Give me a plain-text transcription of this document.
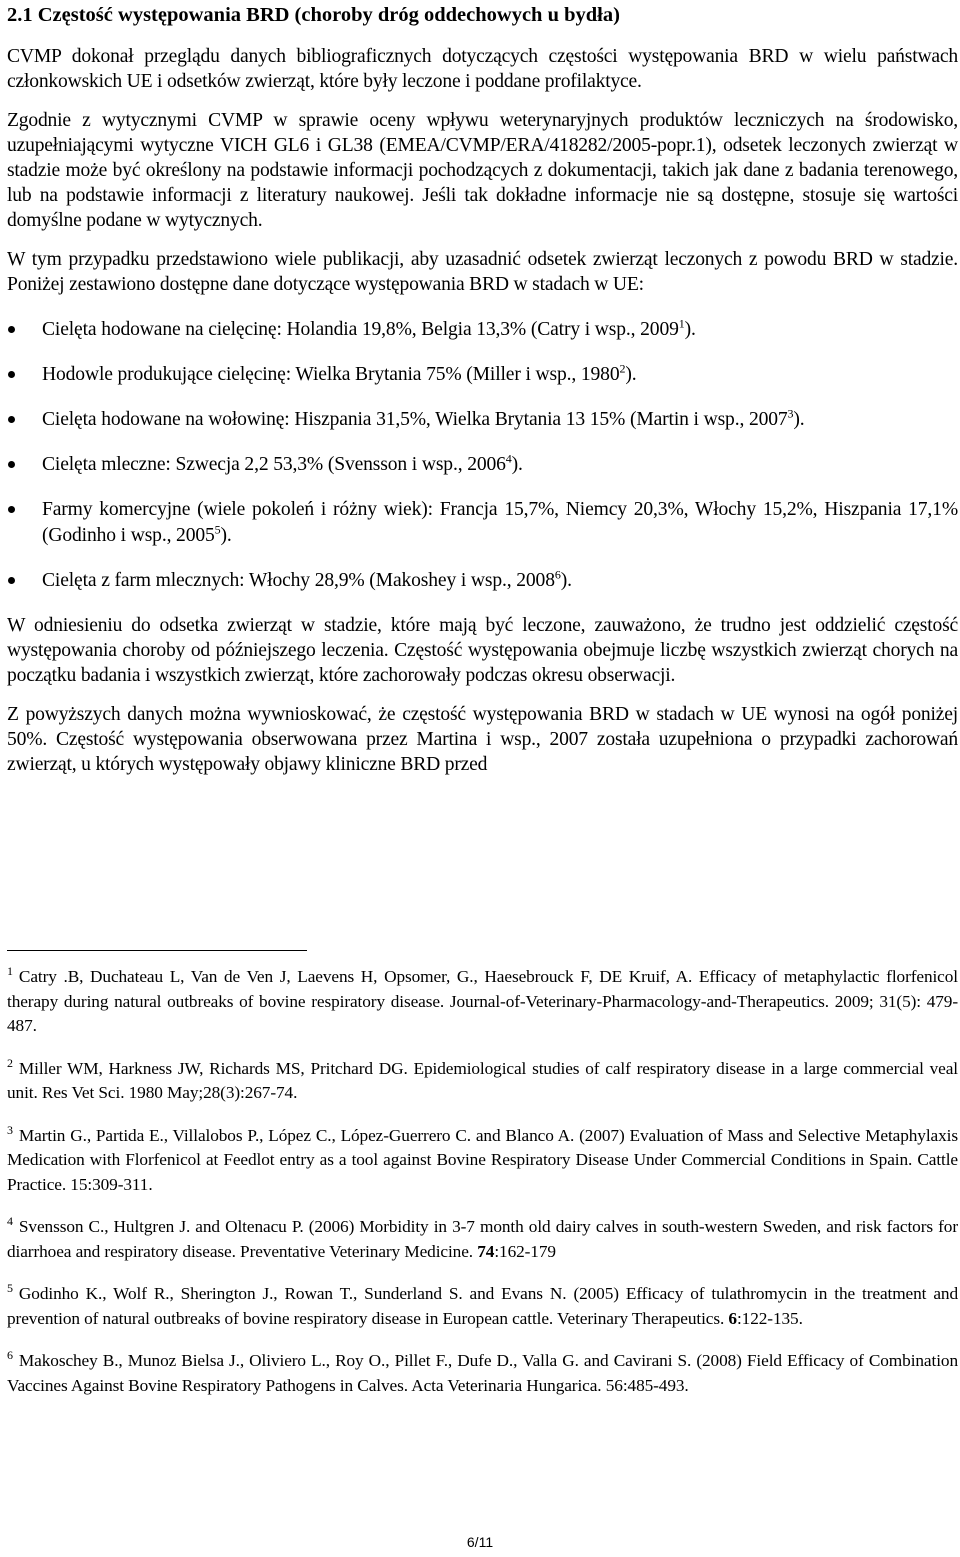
2.1 Częstość występowania BRD (choroby dróg oddechowych u bydła)

CVMP dokonał przeglądu danych bibliograficznych dotyczących częstości występowania BRD w wielu państwach członkowskich UE i odsetków zwierząt, które były leczone i poddane profilaktyce.

Zgodnie z wytycznymi CVMP w sprawie oceny wpływu weterynaryjnych produktów leczniczych na środowisko, uzupełniającymi wytyczne VICH GL6 i GL38 (EMEA/CVMP/ERA/418282/2005-popr.1), odsetek leczonych zwierząt w stadzie może być określony na podstawie informacji pochodzących z dokumentacji, takich jak dane z badania terenowego, lub na podstawie informacji z literatury naukowej. Jeśli tak dokładne informacje nie są dostępne, stosuje się wartości domyślne podane w wytycznych.

W tym przypadku przedstawiono wiele publikacji, aby uzasadnić odsetek zwierząt leczonych z powodu BRD w stadzie. Poniżej zestawiono dostępne dane dotyczące występowania BRD w stadach w UE:

Cielęta hodowane na cielęcinę: Holandia 19,8%, Belgia 13,3% (Catry i wsp., 2009$^1$).
Hodowle produkujące cielęcinę: Wielka Brytania 75% (Miller i wsp., 1980$^2$).
Cielęta hodowane na wołowinę: Hiszpania 31,5%, Wielka Brytania 13 15% (Martin i wsp., 2007$^3$).
Cielęta mleczne: Szwecja 2,2 53,3% (Svensson i wsp., 2006$^4$).
Farmy komercyjne (wiele pokoleń i różny wiek): Francja 15,7%, Niemcy 20,3%, Włochy 15,2%, Hiszpania 17,1% (Godinho i wsp., 2005$^5$).
Cielęta z farm mlecznych: Włochy 28,9% (Makoshey i wsp., 2008$^6$).

W odniesieniu do odsetka zwierząt w stadzie, które mają być leczone, zauważono, że trudno jest oddzielić częstość występowania choroby od późniejszego leczenia. Częstość występowania obejmuje liczbę wszystkich zwierząt chorych na początku badania i wszystkich zwierząt, które zachorowały podczas okresu obserwacji.

Z powyższych danych można wywnioskować, że częstość występowania BRD w stadach w UE wynosi na ogół poniżej 50%. Częstość występowania obserwowana przez Martina i wsp., 2007 została uzupełniona o przypadki zachorowań zwierząt, u których występowały objawy kliniczne BRD przed

$^1$ Catry .B, Duchateau L, Van de Ven J, Laevens H, Opsomer, G., Haesebrouck F, DE Kruif, A. Efficacy of metaphylactic florfenicol therapy during natural outbreaks of bovine respiratory disease. Journal-of-Veterinary-Pharmacology-and-Therapeutics. 2009; 31(5): 479-487.

$^2$ Miller WM, Harkness JW, Richards MS, Pritchard DG. Epidemiological studies of calf respiratory disease in a large commercial veal unit. Res Vet Sci. 1980 May;28(3):267-74.

$^3$ Martin G., Partida E., Villalobos P., López C., López-Guerrero C. and Blanco A. (2007) Evaluation of Mass and Selective Metaphylaxis Medication with Florfenicol at Feedlot entry as a tool against Bovine Respiratory Disease Under Commercial Conditions in Spain. Cattle Practice. 15:309-311.

$^4$ Svensson C., Hultgren J. and Oltenacu P. (2006) Morbidity in 3-7 month old dairy calves in south-western Sweden, and risk factors for diarrhoea and respiratory disease. Preventative Veterinary Medicine. 74:162-179

$^5$ Godinho K., Wolf R., Sherington J., Rowan T., Sunderland S. and Evans N. (2005) Efficacy of tulathromycin in the treatment and prevention of natural outbreaks of bovine respiratory disease in European cattle. Veterinary Therapeutics. 6:122-135.

$^6$ Makoschey B., Munoz Bielsa J., Oliviero L., Roy O., Pillet F., Dufe D., Valla G. and Cavirani S. (2008) Field Efficacy of Combination Vaccines Against Bovine Respiratory Pathogens in Calves. Acta Veterinaria Hungarica. 56:485-493.

6/11
